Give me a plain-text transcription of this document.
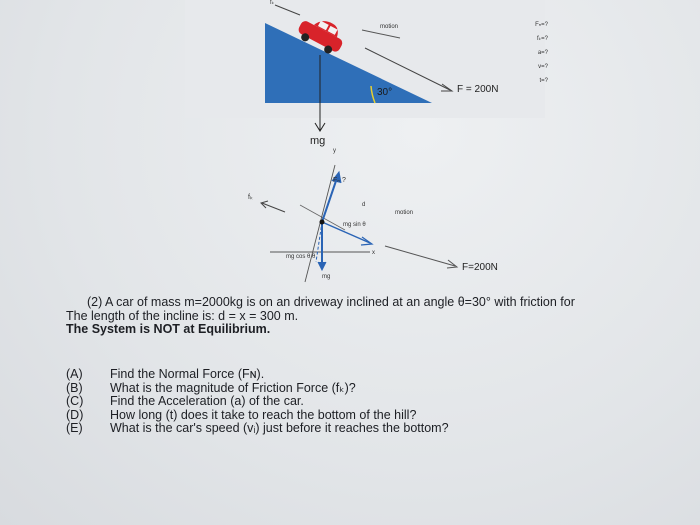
30°	F = 200N
mg
motion
fₖ
Fₙ=?
fₖ=?
a=?
v=?
t=?
Fₙ ?
fₖ
mg sin θ
mg cos θ θ
mg
d
y
x
motion
F=200N
(2) A car of mass m=2000kg is on an driveway inclined at an angle θ=30° with friction for
The length of the incline is: d = x = 300 m.
The System is NOT at Equilibrium.
(A)	Find the Normal Force (Fɴ).
(B)	What is the magnitude of Friction Force (fₖ)?
(C)	Find the Acceleration (a) of the car.
(D)	How long (t) does it take to reach the bottom of the hill?
(E)	What is the car's speed (vᵢ) just before it reaches the bottom?
